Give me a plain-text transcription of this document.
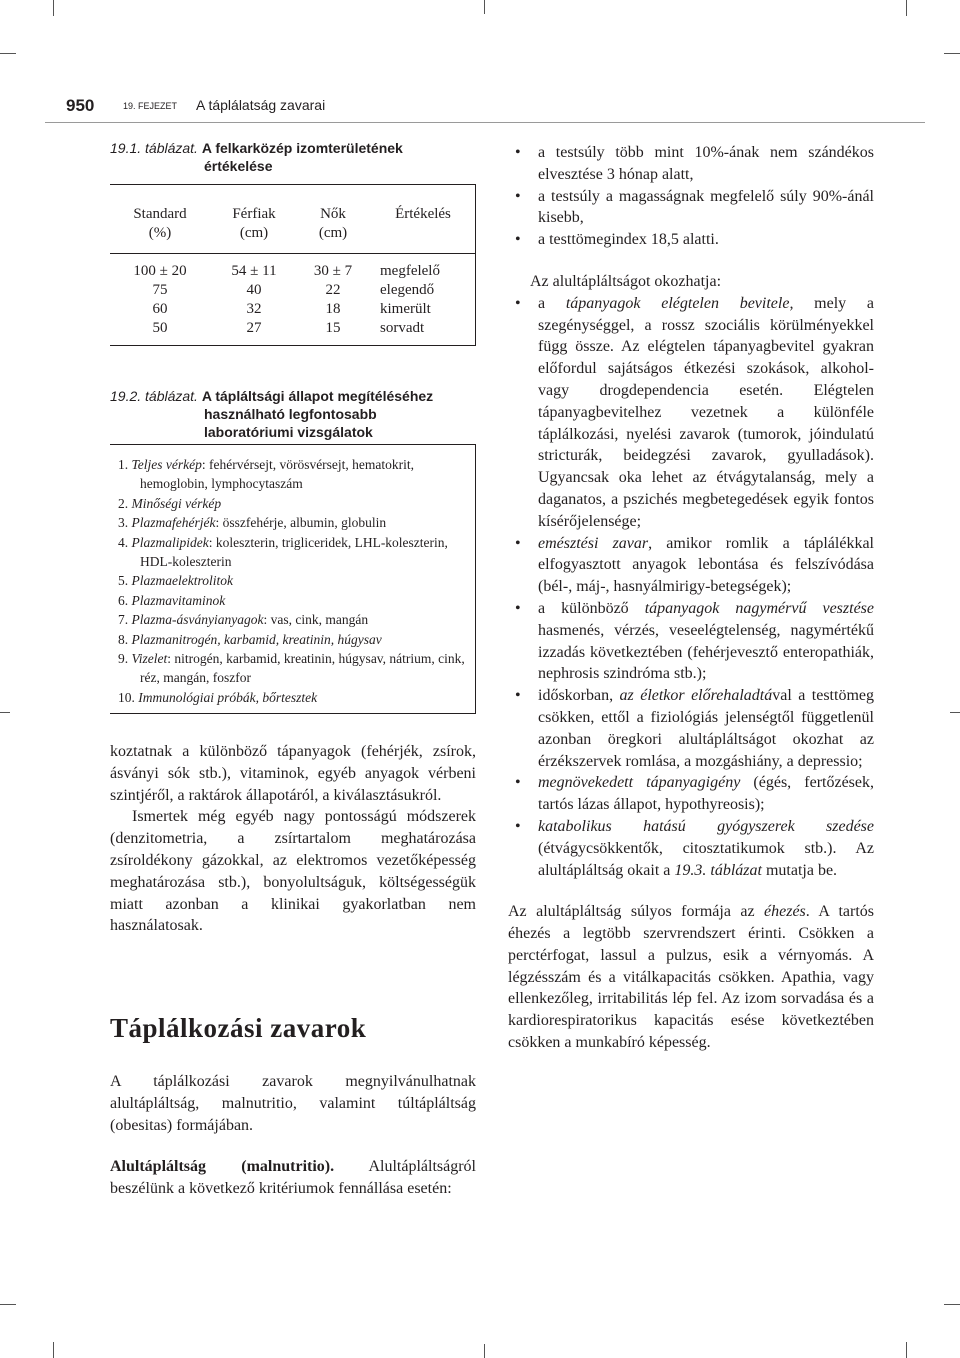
950	19. FEJEZET A táplálatság zavarai
19.1. táblázat. A felkarközép izomterületének
értékelése
Standard
(%)
Férfiak
(cm)
Nők
(cm)
Értékelés
100 ± 20
75
60
50
54 ± 11
40
32
27
30 ± 7
22
18
15
megfelelő
elegendő
kimerült
sorvadt
19.2. táblázat. A tápláltsági állapot megítéléséhez
használható legfontosabb
laboratóriumi vizsgálatok
1. Teljes vérkép: fehérvérsejt, vörösvérsejt, hematokrit, hemoglobin, lymphocytaszám
2. Minőségi vérkép
3. Plazmafehérjék: összfehérje, albumin, globulin
4. Plazmalipidek: koleszterin, trigliceridek, LHL-koleszterin, HDL-koleszterin
5. Plazmaelektrolitok
6. Plazmavitaminok
7. Plazma-ásványianyagok: vas, cink, mangán
8. Plazmanitrogén, karbamid, kreatinin, húgysav
9. Vizelet: nitrogén, karbamid, kreatinin, húgysav, nátrium, cink, réz, mangán, foszfor
10. Immunológiai próbák, bőrtesztek

koztatnak a különböző tápanyagok (fehérjék, zsírok, ásványi sók stb.), vitaminok, egyéb anyagok vérbeni szintjéről, a raktárok állapotáról, a kiválasztásukról.

Ismertek még egyéb nagy pontosságú módszerek (denzitometria, a zsírtartalom meghatározása zsíroldékony gázokkal, az elektromos vezetőképesség meghatározása stb.), bonyolultságuk, költségességük miatt azonban a klinikai gyakorlatban nem használatosak.

Táplálkozási zavarok

A táplálkozási zavarok megnyilvánulhatnak alultápláltság, malnutritio, valamint túltápláltság (obesitas) formájában.

Alultápláltság (malnutritio). Alultápláltságról beszélünk a következő kritériumok fennállása esetén:

• a testsúly több mint 10%-ának nem szándékos elvesztése 3 hónap alatt,
• a testsúly a magasságnak megfelelő súly 90%-ánál kisebb,
• a testtömegindex 18,5 alatti.

Az alultápláltságot okozhatja:

• a tápanyagok elégtelen bevitele, mely a szegénységgel, a rossz szociális körülményekkel függ össze. Az elégtelen tápanyagbevitel gyakran előfordul sajátságos étkezési szokások, alkohol- vagy drogdependencia esetén. Elégtelen tápanyagbevitelhez vezetnek a különféle táplálkozási, nyelési zavarok (tumorok, jóindulatú stricturák, beidegzési zavarok, gyulladások). Ugyancsak oka lehet az étvágytalanság, mely a daganatos, a pszichés megbetegedések egyik fontos kísérőjelensége;
• emésztési zavar, amikor romlik a táplálékkal elfogyasztott anyagok lebontása és felszívódása (bél-, máj-, hasnyálmirigy-betegségek);
• a különböző tápanyagok nagymérvű vesztése hasmenés, vérzés, veseelégtelenség, nagymértékű izzadás következtében (fehérjevesztő enteropathiák, nephrosis szindróma stb.);
• időskorban, az életkor előrehaladtával a testtömeg csökken, ettől a fiziológiás jelenségtől függetlenül azonban öregkori alultápláltságot okozhat az érzékszervek romlása, a mozgáshiány, a depressio;
• megnövekedett tápanyagigény (égés, fertőzések, tartós lázas állapot, hypothyreosis);
• katabolikus hatású gyógyszerek szedése (étvágycsökkentők, citosztatikumok stb.). Az alultápláltság okait a 19.3. táblázat mutatja be.

Az alultápláltság súlyos formája az éhezés. A tartós éhezés a legtöbb szervrendszert érinti. Csökken a perctérfogat, lassul a pulzus, esik a vérnyomás. A légzésszám és a vitálkapacitás csökken. Apathia, vagy ellenkezőleg, irritabilitás lép fel. Az izom sorvadása és a kardiorespiratorikus kapacitás esése következtében csökken a munkabíró képesség.
